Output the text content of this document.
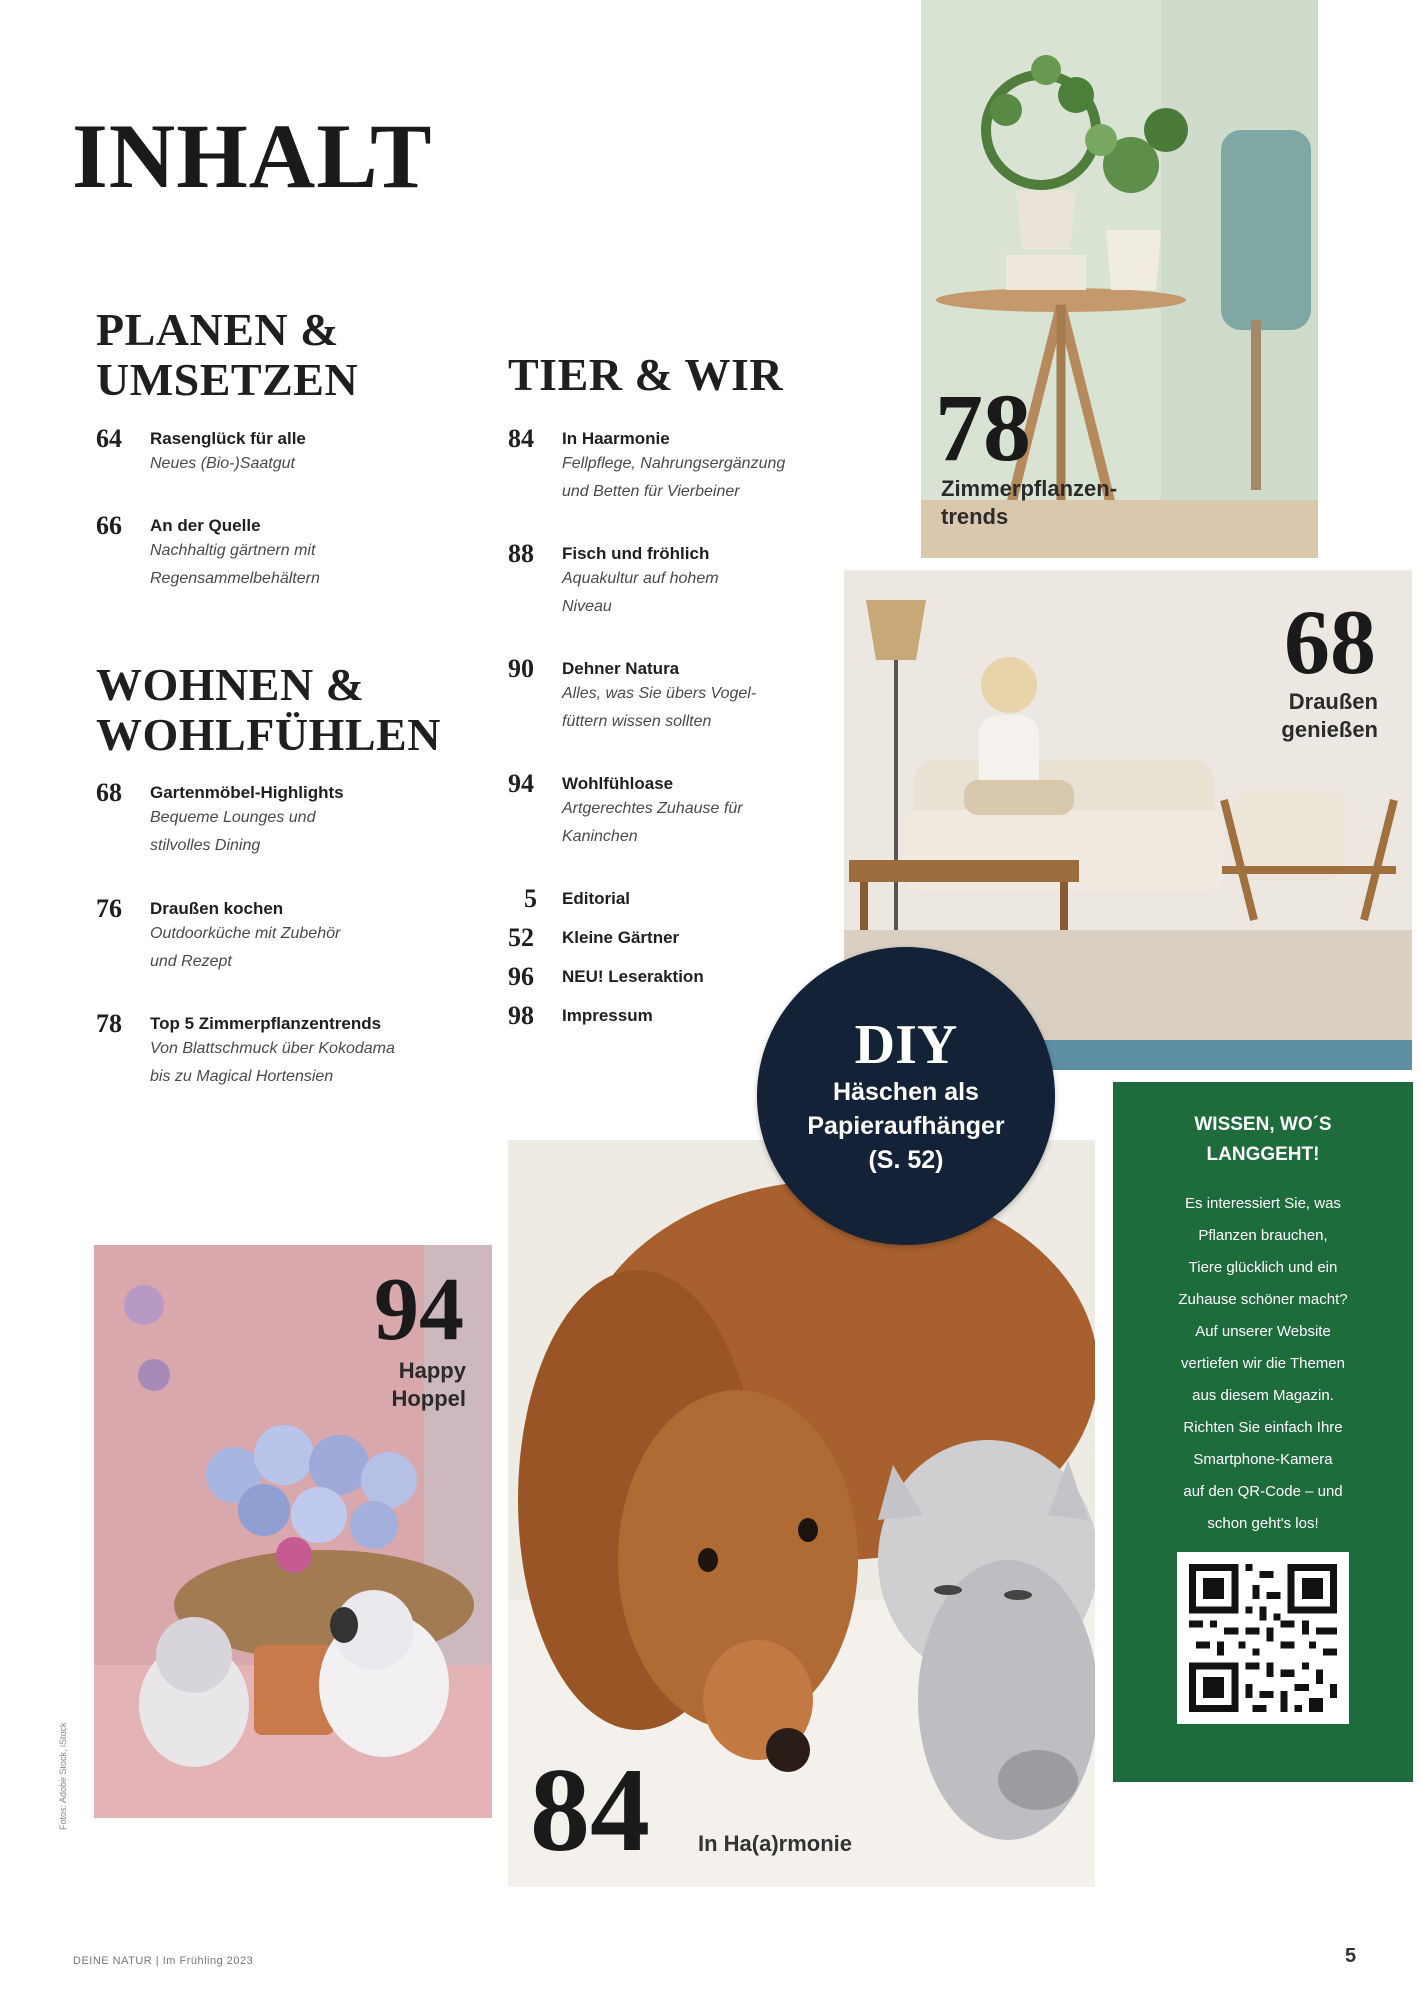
INHALT
PLANEN &
UMSETZEN
64 Rasenglück für alle
Neues (Bio-)Saatgut
66 An der Quelle
Nachhaltig gärtnern mit
Regensammelbehältern
WOHNEN &
WOHLFÜHLEN
68 Gartenmöbel-Highlights
Bequeme Lounges und
stilvolles Dining
76 Draußen kochen
Outdoorküche mit Zubehör
und Rezept
78 Top 5 Zimmerpflanzentrends
Von Blattschmuck über Kokodama
bis zu Magical Hortensien
TIER & WIR
84 In Haarmonie
Fellpflege, Nahrungsergänzung
und Betten für Vierbeiner
88 Fisch und fröhlich
Aquakultur auf hohem
Niveau
90 Dehner Natura
Alles, was Sie übers Vogel-
füttern wissen sollten
94 Wohlfühloase
Artgerechtes Zuhause für
Kaninchen
5 Editorial
52 Kleine Gärtner
96 NEU! Leseraktion
98 Impressum
78
Zimmerpflanzen-
trends
68
Draußen
genießen
94
Happy
Hoppel
84 In Ha(a)rmonie
DIY
Häschen als
Papieraufhänger
(S. 52)
WISSEN, WO´S
LANGGEHT!
Es interessiert Sie, was
Pflanzen brauchen,
Tiere glücklich und ein
Zuhause schöner macht?
Auf unserer Website
vertiefen wir die Themen
aus diesem Magazin.
Richten Sie einfach Ihre
Smartphone-Kamera
auf den QR-Code – und
schon geht's los!
Fotos: Adobe Stock, iStock
DEINE NATUR | Im Frühling 2023	5
